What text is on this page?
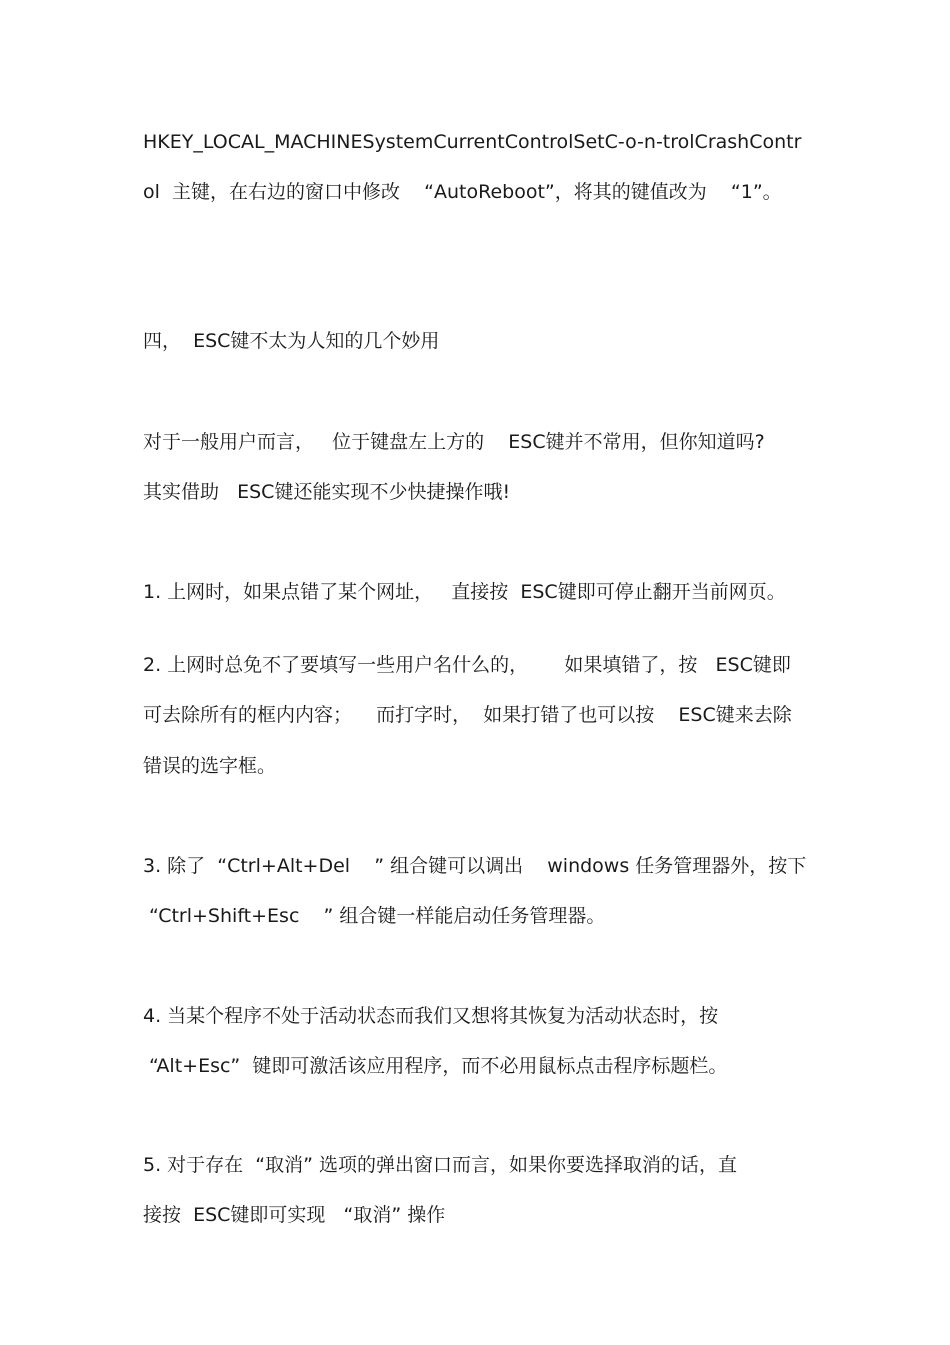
HKEY_LOCAL_MACHINESystemCurrentControlSetC-o-n-trolCrashContr
ol  主键，在右边的窗口中修改    “AutoReboot”，将其的键值改为    “1”。
四，  ESC键不太为人知的几个妙用
对于一般用户而言，   位于键盘左上方的    ESC键并不常用，但你知道吗?
其实借助   ESC键还能实现不少快捷操作哦!
1. 上网时，如果点错了某个网址，   直接按  ESC键即可停止翻开当前网页。
2. 上网时总免不了要填写一些用户名什么的，      如果填错了，按   ESC键即
可去除所有的框内内容；    而打字时，  如果打错了也可以按    ESC键来去除
错误的选字框。
3. 除了  “Ctrl+Alt+Del    ” 组合键可以调出    windows 任务管理器外，按下
“Ctrl+Shift+Esc    ” 组合键一样能启动任务管理器。
4. 当某个程序不处于活动状态而我们又想将其恢复为活动状态时，按
“Alt+Esc”  键即可激活该应用程序，而不必用鼠标点击程序标题栏。
5. 对于存在  “取消” 选项的弹出窗口而言，如果你要选择取消的话，直
接按  ESC键即可实现   “取消” 操作
